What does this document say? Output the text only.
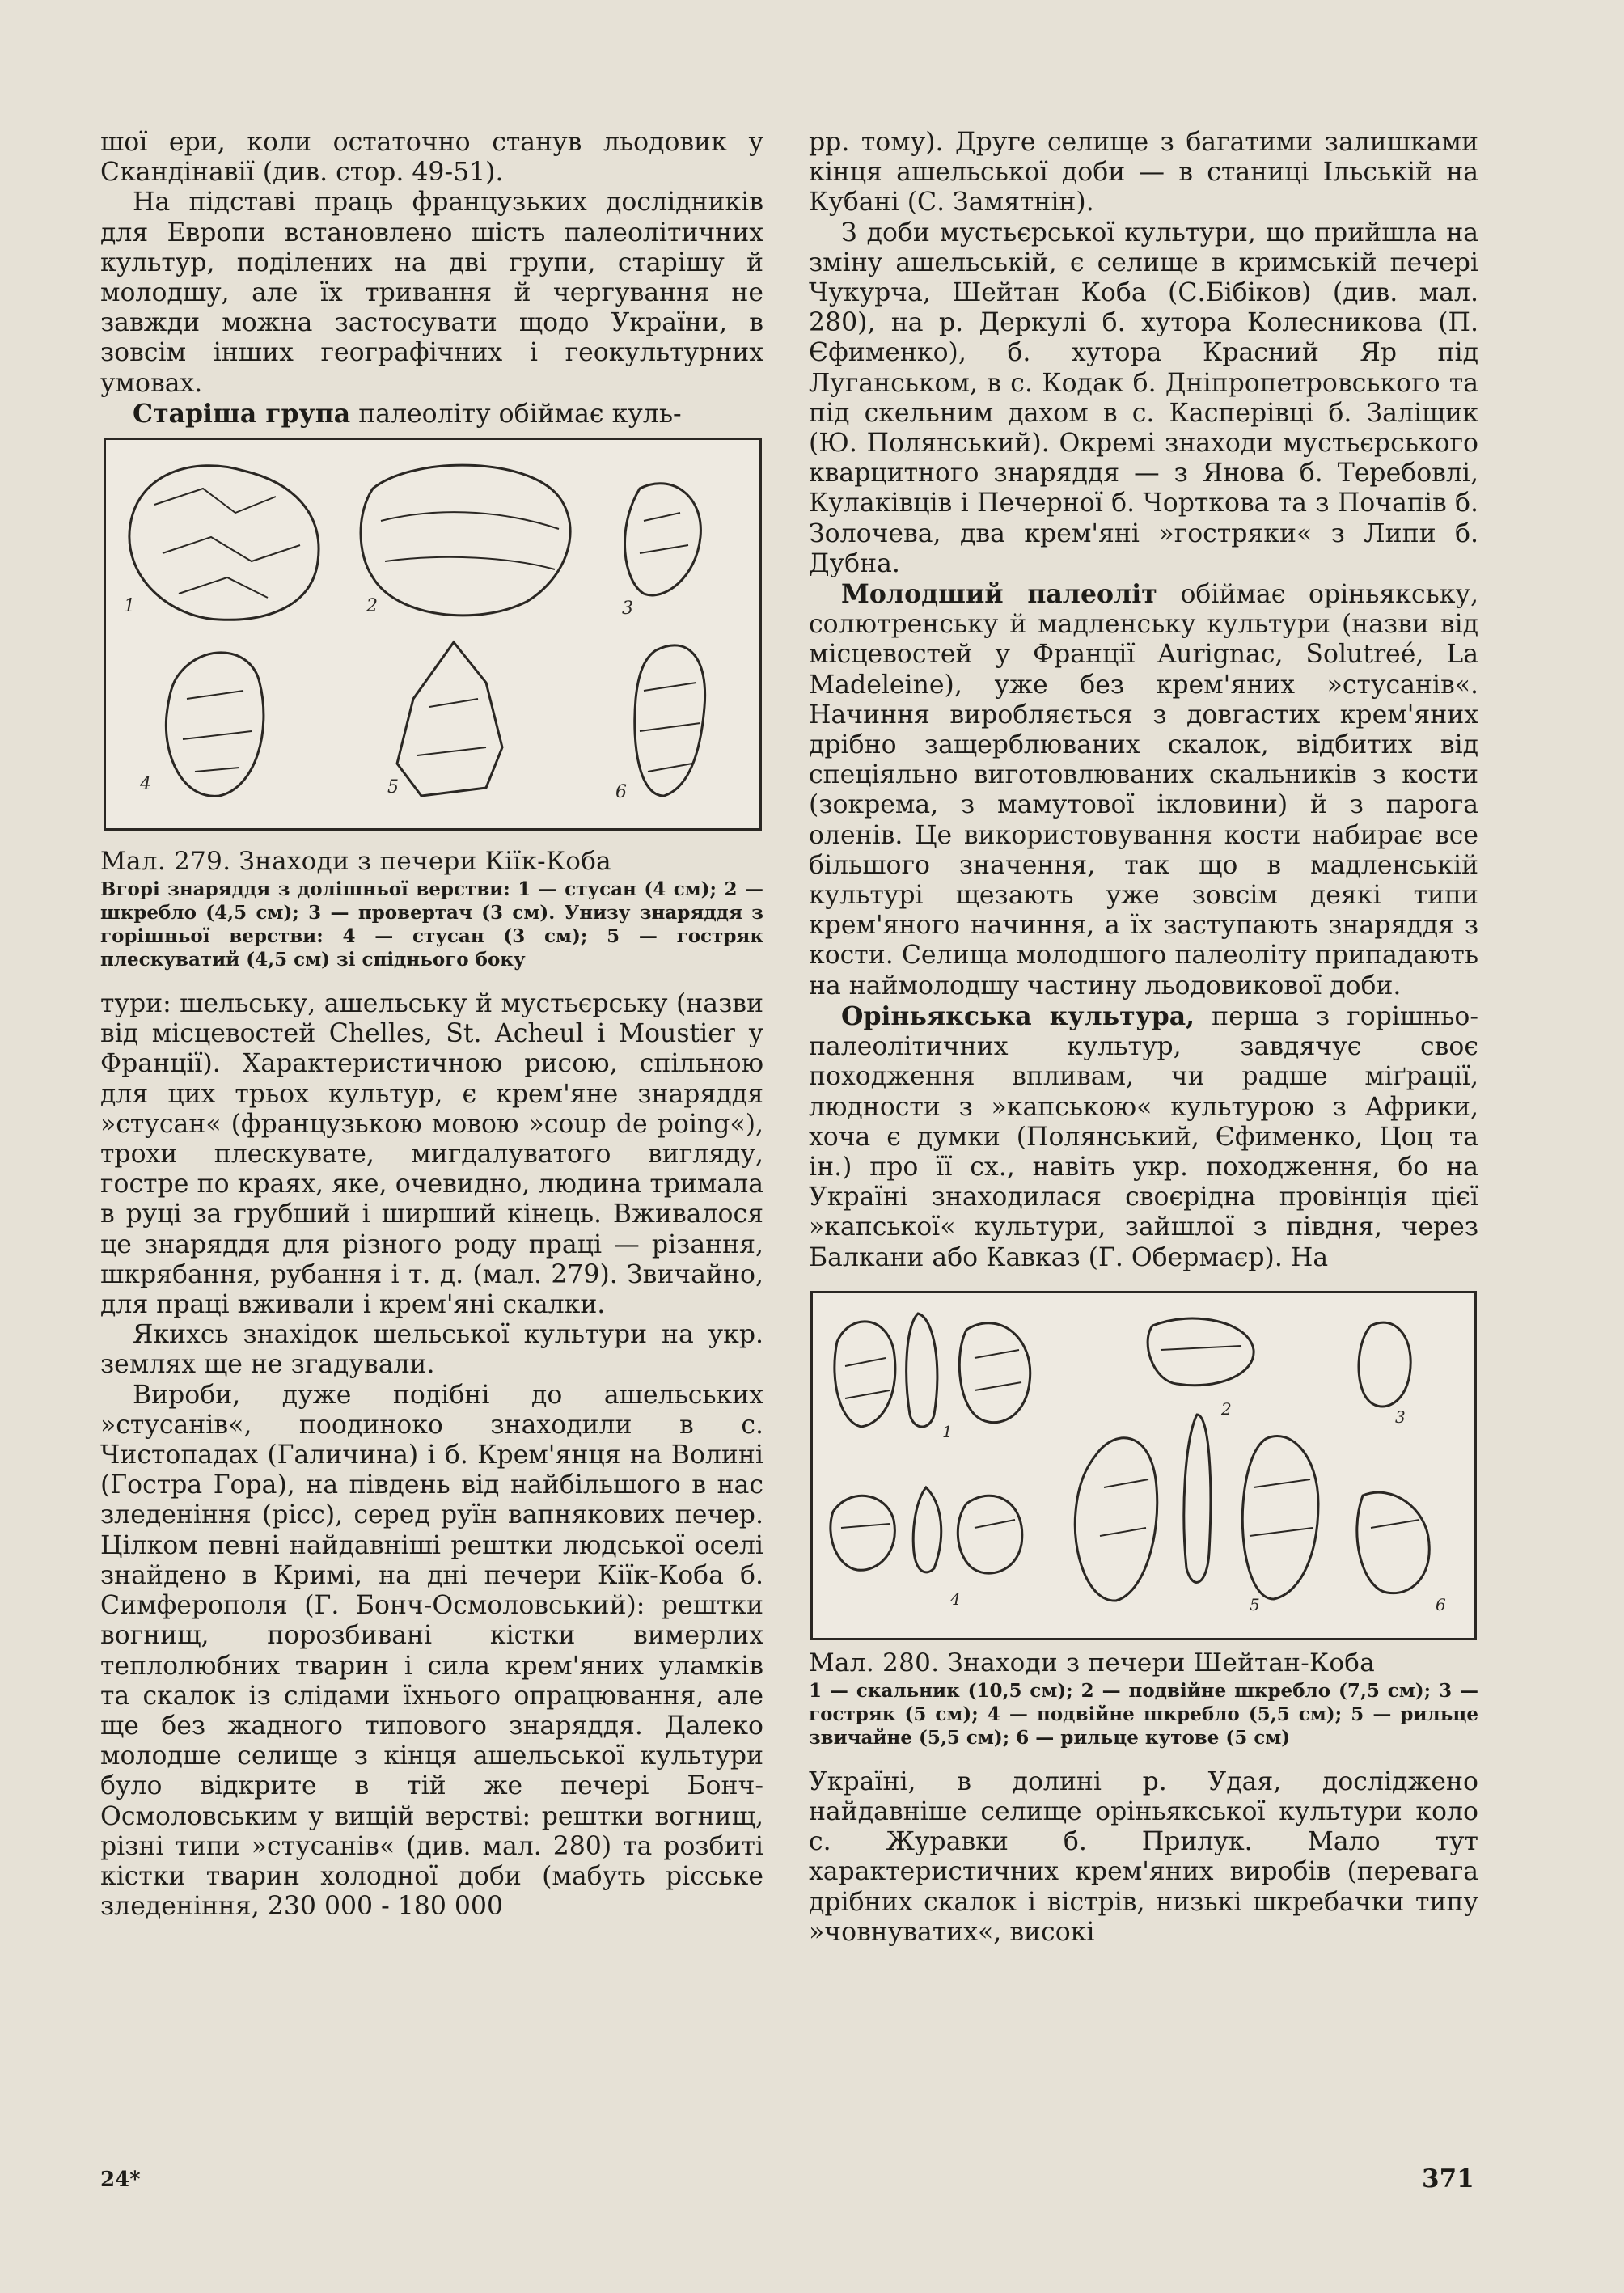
шої ери, коли остаточно станув льодовик у Скандінавії (див. стор. 49-51).

На підставі праць французьких дослідників для Европи встановлено шість палеолітичних культур, поділених на дві групи, старішу й молодшу, але їх тривання й чергування не завжди можна застосувати щодо України, в зовсім інших географічних і геокультурних умовах.

Старіша група палеоліту обіймає куль-

1	2	3
4	5	6
Мал. 279. Знаходи з печери Кіїк-Коба
Вгорі знаряддя з долішньої верстви: 1 — стусан (4 см); 2 — шкребло (4,5 см); 3 — провертач (3 см). Унизу знаряддя з горішньої верстви: 4 — стусан (3 см); 5 — гостряк плескуватий (4,5 см) зі спіднього боку

тури: шельську, ашельську й мустьєрську (назви від місцевостей Chelles, St. Acheul і Moustier у Франції). Характеристичною рисою, спільною для цих трьох культур, є крем'яне знаряддя »стусан« (французькою мовою »coup de poing«), трохи плескувате, мигдалуватого вигляду, гостре по краях, яке, очевидно, людина тримала в руці за грубший і ширший кінець. Вживалося це знаряддя для різного роду праці — різання, шкрябання, рубання і т. д. (мал. 279). Звичайно, для праці вживали і крем'яні скалки.

Якихсь знахідок шельської культури на укр. землях ще не згадували.

Вироби, дуже подібні до ашельських »стусанів«, поодиноко знаходили в с. Чистопадах (Галичина) і б. Крем'янця на Волині (Гостра Гора), на південь від найбільшого в нас зледеніння (рісс), серед руїн вапнякових печер. Цілком певні найдавніші рештки людської оселі знайдено в Кримі, на дні печери Кіїк-Коба б. Симферополя (Г. Бонч-Осмоловський): рештки вогнищ, порозбивані кістки вимерлих теплолюбних тварин і сила крем'яних уламків та скалок із слідами їхнього опрацювання, але ще без жадного типового знаряддя. Далеко молодше селище з кінця ашельської культури було відкрите в тій же печері Бонч-Осмоловським у вищій верстві: рештки вогнищ, різні типи »стусанів« (див. мал. 280) та розбиті кістки тварин холодної доби (мабуть рісське зледеніння, 230 000 - 180 000

рр. тому). Друге селище з багатими залишками кінця ашельської доби — в станиці Ільській на Кубані (С. Замятнін).

З доби мустьєрської культури, що прийшла на зміну ашельській, є селище в кримській печері Чукурча, Шейтан Коба (С.Бібіков) (див. мал. 280), на р. Деркулі б. хутора Колесникова (П. Єфименко), б. хутора Красний Яр під Луганськом, в с. Кодак б. Дніпропетровського та під скельним дахом в с. Касперівці б. Заліщик (Ю. Полянський). Окремі знаходи мустьєрського кварцитного знаряддя — з Янова б. Теребовлі, Кулаківців і Печерної б. Чорткова та з Почапів б. Золочева, два крем'яні »гостряки« з Липи б. Дубна.

Молодший палеоліт обіймає оріньякську, солютренську й мадленську культури (назви від місцевостей у Франції Aurignac, Solutreé, La Madeleine), уже без крем'яних »стусанів«. Начиння виробляється з довгастих крем'яних дрібно защерблюваних скалок, відбитих від спеціяльно виготовлюваних скальників з кости (зокрема, з мамутової ікловини) й з парога оленів. Це використовування кости набирає все більшого значення, так що в мадленській культурі щезають уже зовсім деякі типи крем'яного начиння, а їх заступають знаряддя з кости. Селища молодшого палеоліту припадають на наймолодшу частину льодовикової доби.

Оріньякська культура, перша з горішньо-палеолітичних культур, завдячує своє походження впливам, чи радше міґрації, людности з »капською« культурою з Африки, хоча є думки (Полянський, Єфименко, Цоц та ін.) про її сх., навіть укр. походження, бо на Україні знаходилася своєрідна провінція цієї »капської« культури, зайшлої з півдня, через Балкани або Кавказ (Г. Обермаєр). На

1
2	3
4	5	6
Мал. 280. Знаходи з печери Шейтан-Коба
1 — скальник (10,5 см); 2 — подвійне шкребло (7,5 см); 3 — гостряк (5 см); 4 — подвійне шкребло (5,5 см); 5 — рильце звичайне (5,5 см); 6 — рильце кутове (5 см)

Україні, в долині р. Удая, досліджено найдавніше селище оріньякської культури коло с. Журавки б. Прилук. Мало тут характеристичних крем'яних виробів (перевага дрібних скалок і вістрів, низькі шкребачки типу »човнуватих«, високі

24*	371
